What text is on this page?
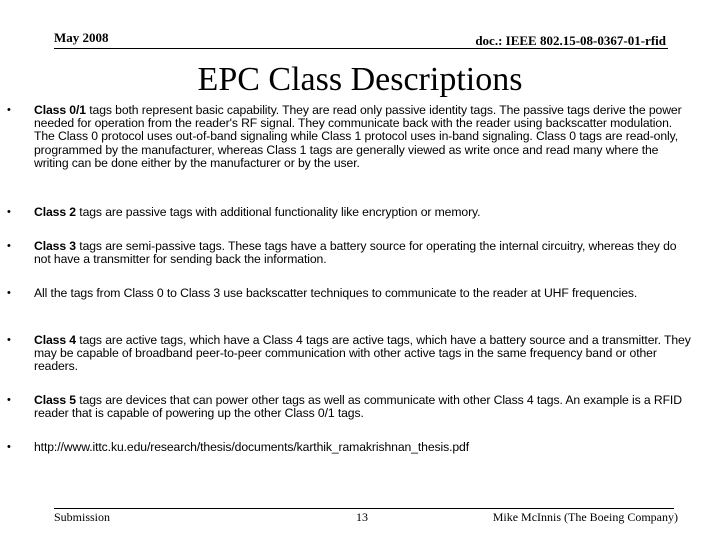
May 2008	doc.: IEEE 802.15-08-0367-01-rfid
EPC Class Descriptions
• Class 0/1 tags both represent basic capability. They are read only passive identity tags. The passive tags derive the power needed for operation from the reader's RF signal. They communicate back with the reader using backscatter modulation. The Class 0 protocol uses out-of-band signaling while Class 1 protocol uses in-band signaling. Class 0 tags are read-only, programmed by the manufacturer, whereas Class 1 tags are generally viewed as write once and read many where the writing can be done either by the manufacturer or by the user.
• Class 2 tags are passive tags with additional functionality like encryption or memory.
• Class 3 tags are semi-passive tags. These tags have a battery source for operating the internal circuitry, whereas they do not have a transmitter for sending back the information.
• All the tags from Class 0 to Class 3 use backscatter techniques to communicate to the reader at UHF frequencies.
• Class 4 tags are active tags, which have a Class 4 tags are active tags, which have a battery source and a transmitter. They may be capable of broadband peer-to-peer communication with other active tags in the same frequency band or other readers.
• Class 5 tags are devices that can power other tags as well as communicate with other Class 4 tags. An example is a RFID reader that is capable of powering up the other Class 0/1 tags.
• http://www.ittc.ku.edu/research/thesis/documents/karthik_ramakrishnan_thesis.pdf
Submission	13	Mike McInnis (The Boeing Company)
